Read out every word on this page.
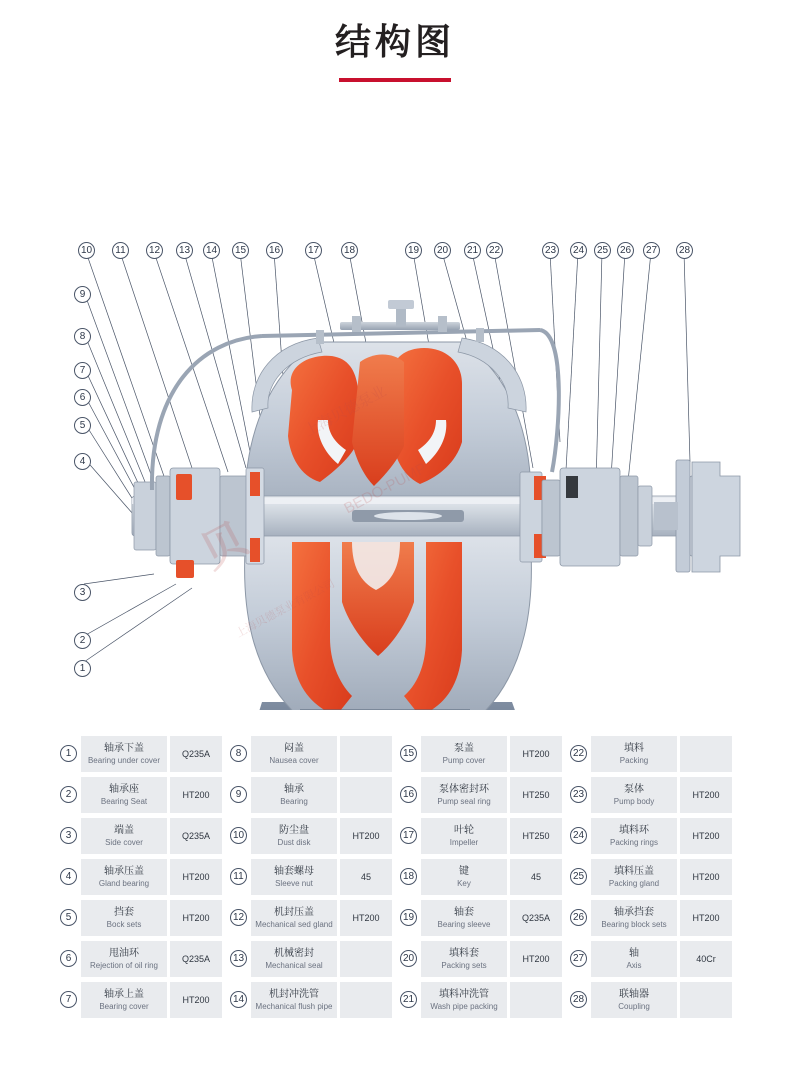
结构图
10	11	12 13 14 15 16	17 18	19 20 21 22	23 24 25 26 27 28
9
8
7
6
5
4
3
2
1
1	轴承下盖
Bearing under cover
Q235A
2	轴承座
Bearing Seat
HT200
3	端盖
Side cover
Q235A
4	轴承压盖
Gland bearing
HT200
5	挡套
Bock sets
HT200
6	甩油环
Rejection of oil ring
Q235A
7	轴承上盖
Bearing cover
HT200
8	闷盖
Nausea cover
9	轴承
Bearing
10	防尘盘
Dust disk
HT200
11	轴套螺母
Sleeve nut
45
12	机封压盖
Mechanical sed gland
HT200
13	机械密封
Mechanical seal
14 机封冲洗管
Mechanical flush pipe
15	泵盖
Pump cover
HT200
16 泵体密封环
Pump seal ring
HT250
17	叶轮
Impeller
HT250
18	键
Key
45
19	轴套
Bearing sleeve
Q235A
20	填料套
Packing sets
HT200
21 填料冲洗管
Wash pipe packing
22	填料
Packing
23	泵体
Pump body
HT200
24	填料环
Packing rings
HT200
25	填料压盖
Packing gland
HT200
26	轴承挡套
Bearing block sets
HT200
27	轴
Axis
40Cr
28	联轴器
Coupling
